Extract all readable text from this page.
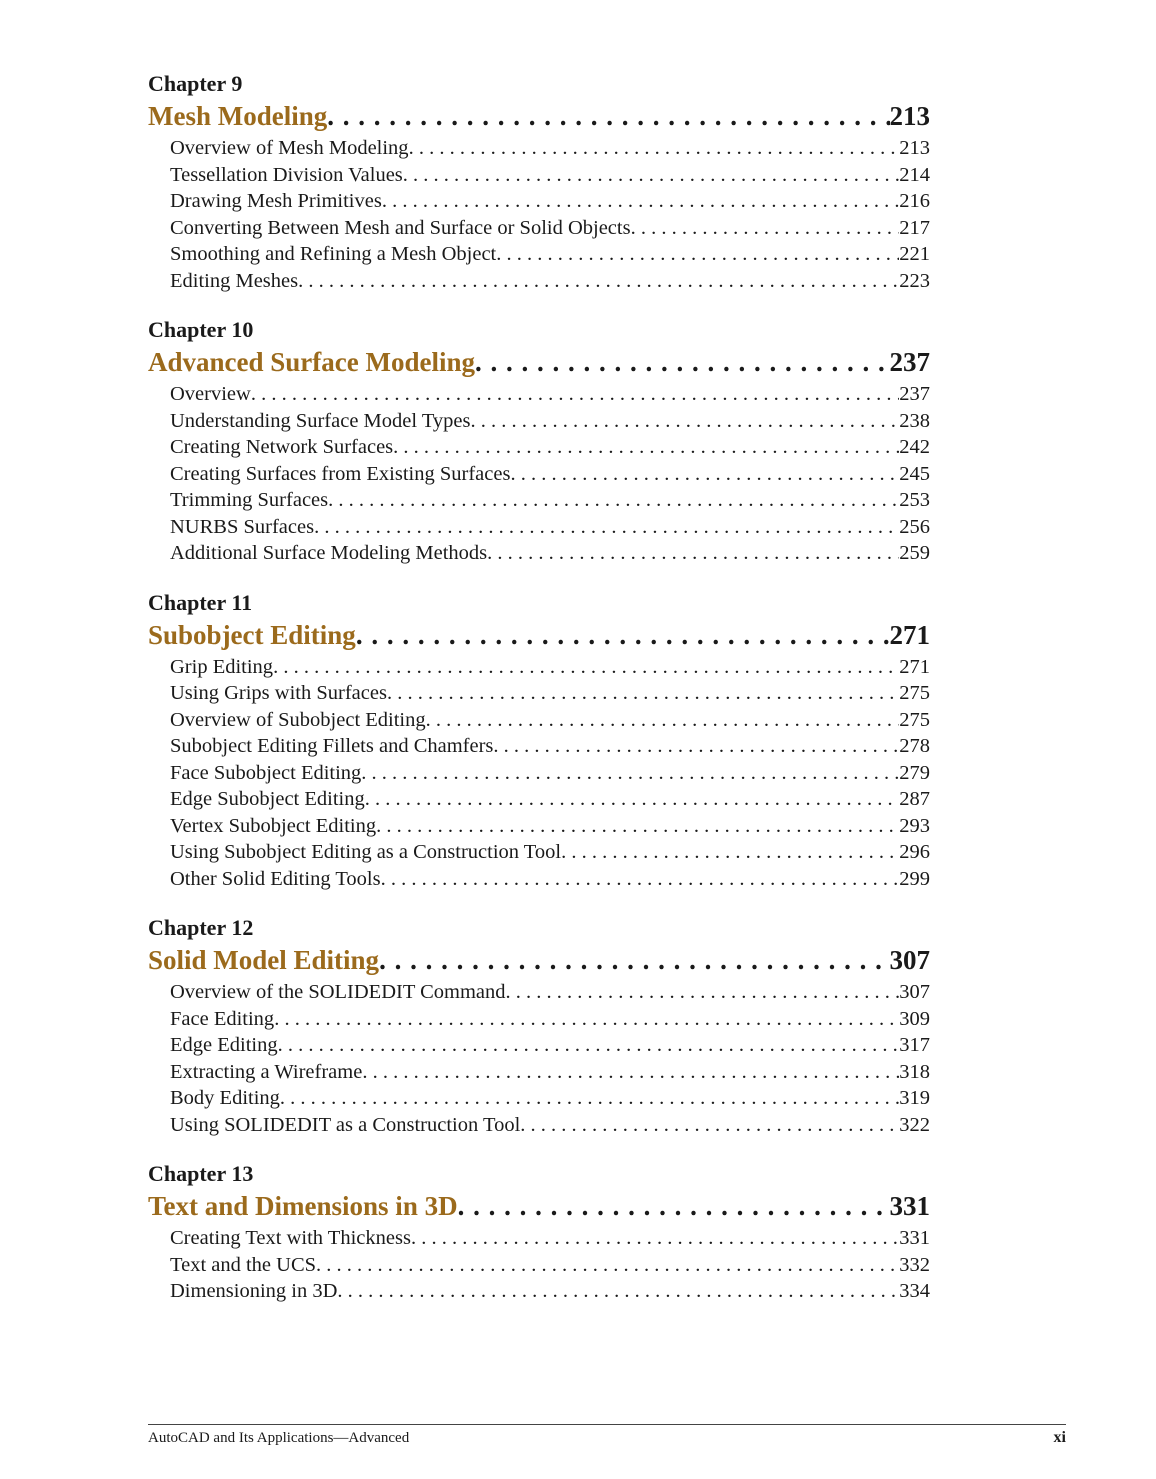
Chapter 9
Mesh Modeling . . .	213
Overview of Mesh Modeling . . .	213
Tessellation Division Values . . .	214
Drawing Mesh Primitives . . .	216
Converting Between Mesh and Surface or Solid Objects . . .	217
Smoothing and Refining a Mesh Object . . .	221
Editing Meshes . . .	223
Chapter 10
Advanced Surface Modeling . . .	237
Overview . . .	237
Understanding Surface Model Types . . .	238
Creating Network Surfaces . . .	242
Creating Surfaces from Existing Surfaces . . .	245
Trimming Surfaces . . .	253
NURBS Surfaces . . .	256
Additional Surface Modeling Methods . . .	259
Chapter 11
Subobject Editing . . .	271
Grip Editing . . .	271
Using Grips with Surfaces . . .	275
Overview of Subobject Editing . . .	275
Subobject Editing Fillets and Chamfers . . .	278
Face Subobject Editing . . .	279
Edge Subobject Editing . . .	287
Vertex Subobject Editing . . .	293
Using Subobject Editing as a Construction Tool . . .	296
Other Solid Editing Tools . . .	299
Chapter 12
Solid Model Editing . . .	307
Overview of the SOLIDEDIT Command . . .	307
Face Editing . . .	309
Edge Editing . . .	317
Extracting a Wireframe . . .	318
Body Editing . . .	319
Using SOLIDEDIT as a Construction Tool . . .	322
Chapter 13
Text and Dimensions in 3D . . .	331
Creating Text with Thickness . . .	331
Text and the UCS . . .	332
Dimensioning in 3D . . .	334
AutoCAD and Its Applications—Advanced	xi
